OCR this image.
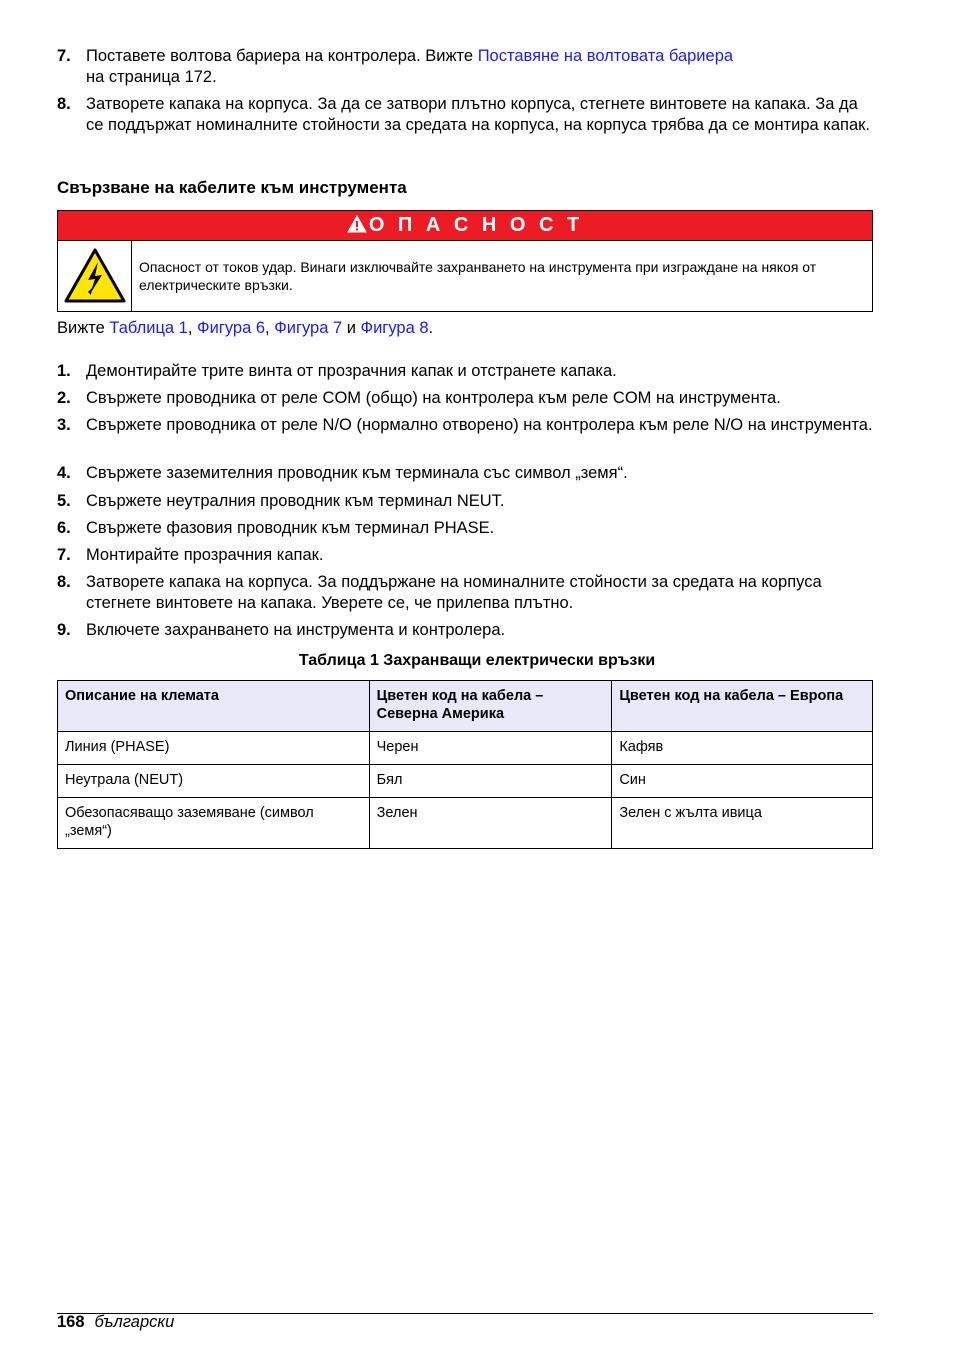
7. Поставете волтова бариера на контролера. Вижте Поставяне на волтовата бариера
на страница 172.
8. Затворете капака на корпуса. За да се затвори плътно корпуса, стегнете винтовете на капака. За да се поддържат номиналните стойности за средата на корпуса, на корпуса трябва да се монтира капак.
Свързване на кабелите към инструмента
О П А С Н О С Т
Опасност от токов удар. Винаги изключвайте захранването на инструмента при изграждане на някоя от електрическите връзки.
Вижте Таблица 1, Фигура 6, Фигура 7 и Фигура 8.
1. Демонтирайте трите винта от прозрачния капак и отстранете капака.
2. Свържете проводника от реле COM (общо) на контролера към реле COM на инструмента.
3. Свържете проводника от реле N/O (нормално отворено) на контролера към реле N/O на инструмента.
4. Свържете заземителния проводник към терминала със символ „земя“.
5. Свържете неутралния проводник към терминал NEUT.
6. Свържете фазовия проводник към терминал PHASE.
7. Монтирайте прозрачния капак.
8. Затворете капака на корпуса. За поддържане на номиналните стойности за средата на корпуса стегнете винтовете на капака. Уверете се, че прилепва плътно.
9. Включете захранването на инструмента и контролера.
Таблица 1 Захранващи електрически връзки
Описание на клемата	Цветен код на кабела – Северна Америка	Цветен код на кабела – Европа
Линия (PHASE)	Черен	Кафяв
Неутрала (NEUT)	Бял	Син
Обезопасяващо заземяване (символ „земя“)	Зелен	Зелен с жълта ивица
168 български
